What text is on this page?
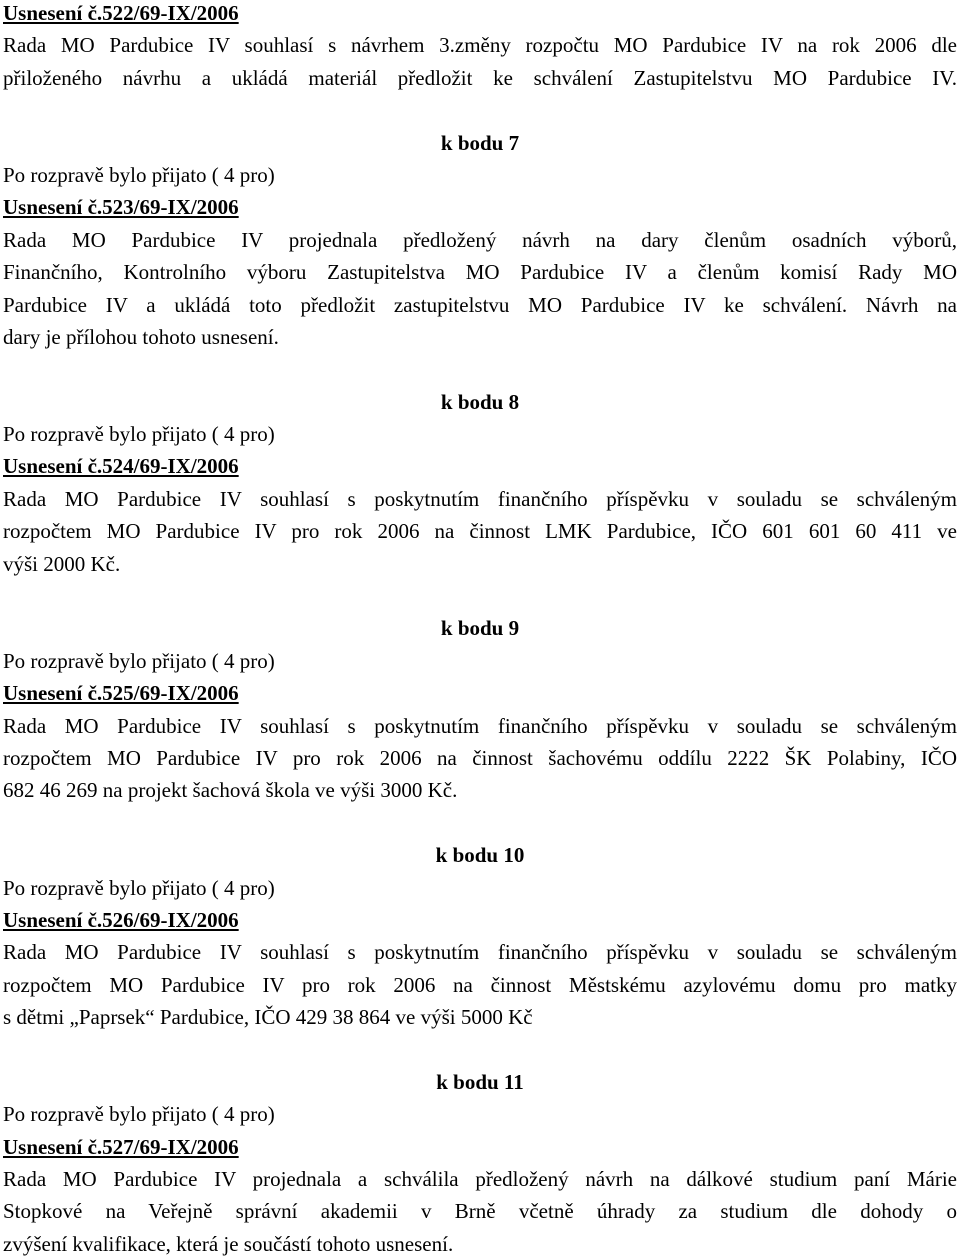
Usnesení č.522/69-IX/2006
Rada MO Pardubice IV souhlasí s návrhem 3.změny rozpočtu MO Pardubice IV na rok 2006 dle
přiloženého návrhu a ukládá materiál předložit ke schválení Zastupitelstvu MO Pardubice IV.
k bodu 7
Po rozpravě bylo přijato ( 4 pro)
Usnesení č.523/69-IX/2006
Rada MO Pardubice IV projednala předložený návrh na dary členům osadních výborů,
Finančního, Kontrolního výboru Zastupitelstva MO Pardubice IV a členům komisí Rady MO
Pardubice IV a ukládá toto předložit zastupitelstvu MO Pardubice IV ke schválení. Návrh na
dary je přílohou tohoto usnesení.
k bodu 8
Po rozpravě bylo přijato ( 4 pro)
Usnesení č.524/69-IX/2006
Rada MO Pardubice IV souhlasí s poskytnutím finančního příspěvku v souladu se schváleným
rozpočtem MO Pardubice IV pro rok 2006 na činnost LMK Pardubice, IČO 601 601 60 411 ve
výši 2000 Kč.
k bodu 9
Po rozpravě bylo přijato ( 4 pro)
Usnesení č.525/69-IX/2006
Rada MO Pardubice IV souhlasí s poskytnutím finančního příspěvku v souladu se schváleným
rozpočtem MO Pardubice IV pro rok 2006 na činnost šachovému oddílu 2222 ŠK Polabiny, IČO
682 46 269 na projekt šachová škola ve výši 3000 Kč.
k bodu 10
Po rozpravě bylo přijato ( 4 pro)
Usnesení č.526/69-IX/2006
Rada MO Pardubice IV souhlasí s poskytnutím finančního příspěvku v souladu se schváleným
rozpočtem MO Pardubice IV pro rok 2006 na činnost Městskému azylovému domu pro matky
s dětmi „Paprsek“ Pardubice, IČO 429 38 864 ve výši 5000 Kč
k bodu 11
Po rozpravě bylo přijato ( 4 pro)
Usnesení č.527/69-IX/2006
Rada MO Pardubice IV projednala a schválila předložený návrh na dálkové studium paní Márie
Stopkové na Veřejně správní akademii v Brně včetně úhrady za studium dle dohody o
zvýšení kvalifikace, která je součástí tohoto usnesení.
